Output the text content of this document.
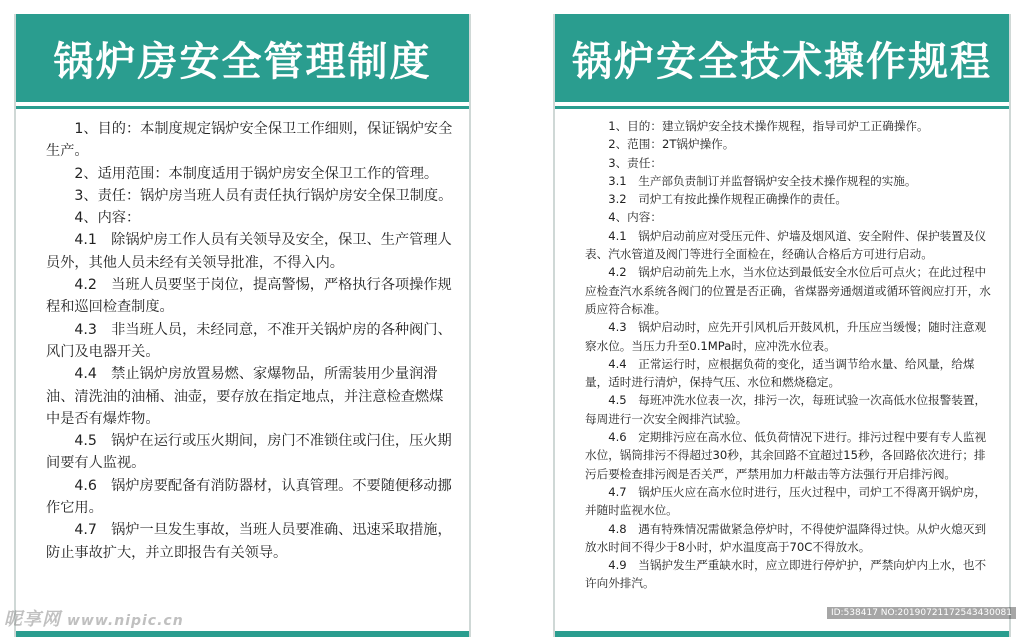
锅炉房安全管理制度

1、目的：本制度规定锅炉安全保卫工作细则，保证锅炉安全生产。

2、适用范围：本制度适用于锅炉房安全保卫工作的管理。

3、责任：锅炉房当班人员有责任执行锅炉房安全保卫制度。

4、内容：

4.1　除锅炉房工作人员有关领导及安全，保卫、生产管理人员外，其他人员未经有关领导批准，不得入内。

4.2　当班人员要坚于岗位，提高警惕，严格执行各项操作规程和巡回检查制度。

4.3　非当班人员，未经同意，不准开关锅炉房的各种阀门、风门及电器开关。

4.4　禁止锅炉房放置易燃、家爆物品，所需装用少量润滑油、清洗油的油桶、油壶，要存放在指定地点，并注意检查燃煤中是否有爆炸物。

4.5　锅炉在运行或压火期间，房门不准锁住或闩住，压火期间要有人监视。

4.6　锅炉房要配备有消防器材，认真管理。不要随便移动挪作它用。

4.7　锅炉一旦发生事故，当班人员要准确、迅速采取措施，防止事故扩大，并立即报告有关领导。

锅炉安全技术操作规程

1、目的：建立锅炉安全技术操作规程，指导司炉工正确操作。

2、范围：2T锅炉操作。

3、责任：

3.1　生产部负责制订并监督锅炉安全技术操作规程的实施。

3.2　司炉工有按此操作规程正确操作的责任。

4、内容：

4.1　锅炉启动前应对受压元件、炉墙及烟风道、安全附件、保护装置及仪表、汽水管道及阀门等进行全面检在，经确认合格后方可进行启动。

4.2　锅炉启动前先上水，当水位达到最低安全水位后可点火；在此过程中应检查汽水系统各阀门的位置是否正确，省煤器旁通烟道或循环管阀应打开，水质应符合标准。

4.3　锅炉启动时，应先开引风机后开鼓风机，升压应当缓慢；随时注意观察水位。当压力升至0.1MPa时，应冲洗水位表。

4.4　正常运行时，应根据负荷的变化，适当调节给水量、给风量，给煤量，适时进行清炉，保持气压、水位和燃烧稳定。

4.5　每班冲洗水位表一次，排污一次，每班试验一次高低水位报警装置，每周进行一次安全阀排汽试验。

4.6　定期排污应在高水位、低负荷情况下进行。排污过程中要有专人监视水位，锅筒排污不得超过30秒，其余回路不宜超过15秒，各回路依次进行；排污后要检查排污阀是否关严，严禁用加力杆敲击等方法强行开启排污阀。

4.7　锅炉压火应在高水位时进行，压火过程中，司炉工不得离开锅炉房，并随时监视水位。

4.8　遇有特殊情况需做紧急停炉时，不得使炉温降得过快。从炉火熄灭到放水时间不得少于8小时，炉水温度高于70C不得放水。

4.9　当锅护发生严重缺水时，应立即进行停炉护，严禁向炉内上水，也不许向外排汽。

昵享网 www.nipic.cn	ID:538417 NO:20190721172543430081
